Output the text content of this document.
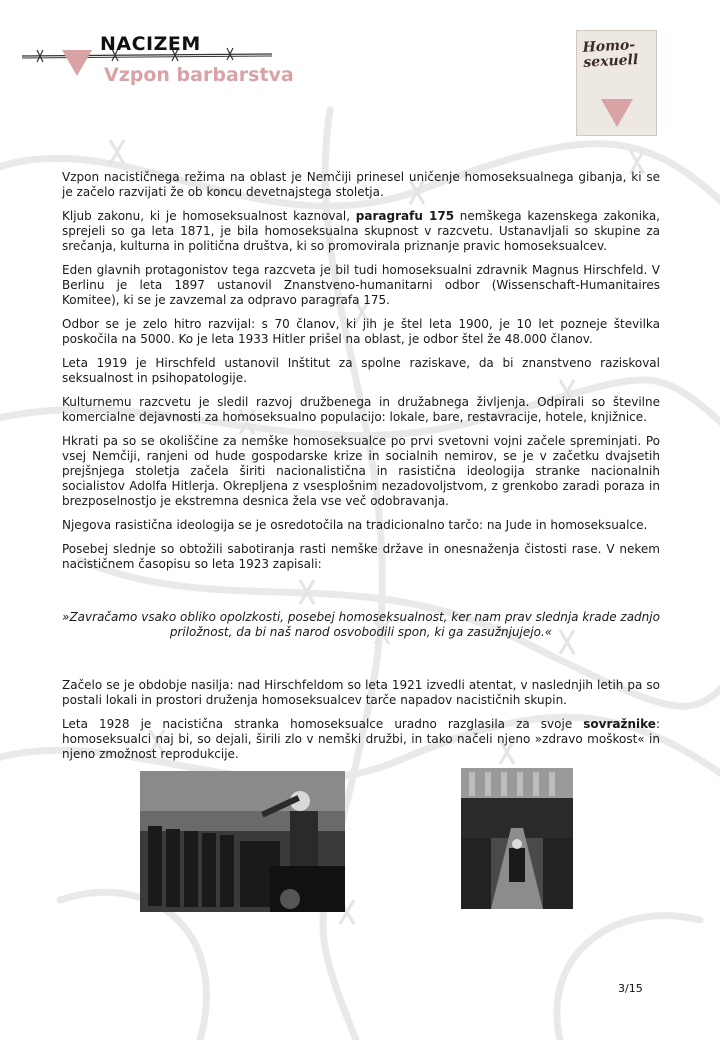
NACIZEM
Vzpon barbarstva
Homo-sexuell

Vzpon nacističnega režima na oblast je Nemčiji prinesel uničenje homoseksualnega gibanja, ki se je začelo razvijati že ob koncu devetnajstega stoletja.

Kljub zakonu, ki je homoseksualnost kaznoval, paragrafu 175 nemškega kazenskega zakonika, sprejeli so ga leta 1871, je bila homoseksualna skupnost v razcvetu. Ustanavljali so skupine za srečanja, kulturna in politična društva, ki so promovirala priznanje pravic homoseksualcev.

Eden glavnih protagonistov tega razcveta je bil tudi homoseksualni zdravnik Magnus Hirschfeld. V Berlinu je leta 1897 ustanovil Znanstveno-humanitarni odbor (Wissenschaft-Humanitaires Komitee), ki se je zavzemal za odpravo paragrafa 175.

Odbor se je zelo hitro razvijal: s 70 članov, ki jih je štel leta 1900, je 10 let pozneje številka poskočila na 5000. Ko je leta 1933 Hitler prišel na oblast, je odbor štel že 48.000 članov.

Leta 1919 je Hirschfeld ustanovil Inštitut za spolne raziskave, da bi znanstveno raziskoval seksualnost in psihopatologije.

Kulturnemu razcvetu je sledil razvoj družbenega in družabnega življenja. Odpirali so številne komercialne dejavnosti za homoseksualno populacijo: lokale, bare, restavracije, hotele, knjižnice.

Hkrati pa so se okoliščine za nemške homoseksualce po prvi svetovni vojni začele spreminjati. Po vsej Nemčiji, ranjeni od hude gospodarske krize in socialnih nemirov, se je v začetku dvajsetih prejšnjega stoletja začela širiti nacionalistična in rasistična ideologija stranke nacionalnih socialistov Adolfa Hitlerja. Okrepljena z vsesplošnim nezadovoljstvom, z grenkobo zaradi poraza in brezposelnostjo je ekstremna desnica žela vse več odobravanja.

Njegova rasistična ideologija se je osredotočila na tradicionalno tarčo: na Jude in homoseksualce.

Posebej slednje so obtožili sabotiranja rasti nemške države in onesnaženja čistosti rase. V nekem nacističnem časopisu so leta 1923 zapisali:

»Zavračamo vsako obliko opolzkosti, posebej homoseksualnost, ker nam prav slednja krade zadnjo priložnost, da bi naš narod osvobodili spon, ki ga zasužnjujejo.«

Začelo se je obdobje nasilja: nad Hirschfeldom so leta 1921 izvedli atentat, v naslednjih letih pa so postali lokali in prostori druženja homoseksualcev tarče napadov nacističnih skupin.

Leta 1928 je nacistična stranka homoseksualce uradno razglasila za svoje sovražnike: homoseksualci naj bi, so dejali, širili zlo v nemški družbi, in tako načeli njeno »zdravo moškost« in njeno zmožnost reprodukcije.

3/15
